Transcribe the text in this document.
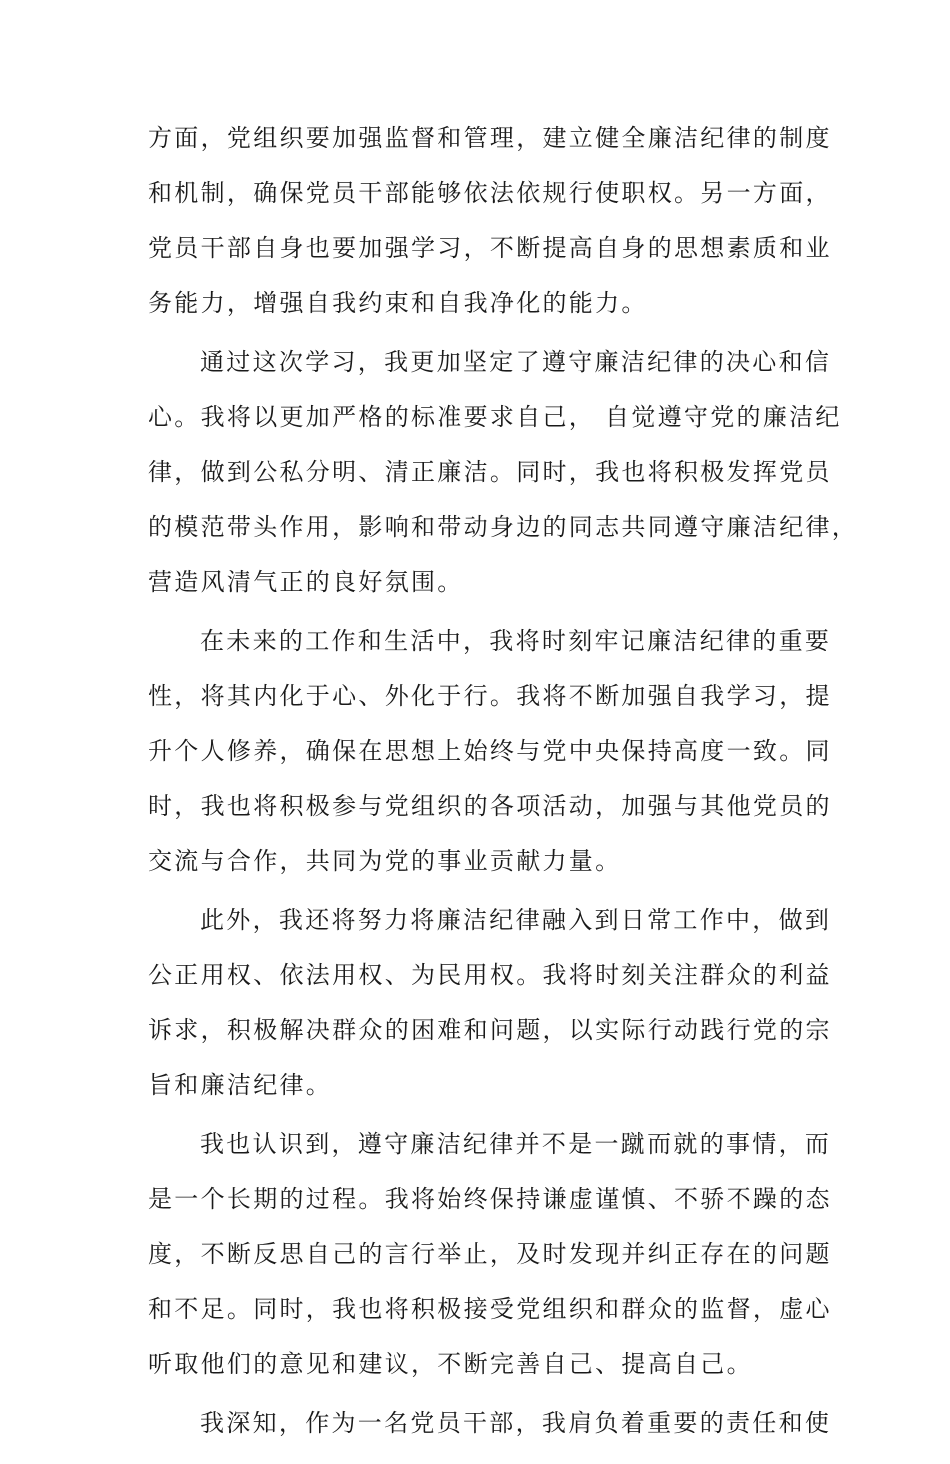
方面，党组织要加强监督和管理，建立健全廉洁纪律的制度
和机制，确保党员干部能够依法依规行使职权。另一方面，
党员干部自身也要加强学习，不断提高自身的思想素质和业
务能力，增强自我约束和自我净化的能力。
通过这次学习，我更加坚定了遵守廉洁纪律的决心和信
心。我将以更加严格的标准要求自己， 自觉遵守党的廉洁纪
律，做到公私分明、清正廉洁。同时，我也将积极发挥党员
的模范带头作用，影响和带动身边的同志共同遵守廉洁纪律，
营造风清气正的良好氛围。
在未来的工作和生活中，我将时刻牢记廉洁纪律的重要
性，将其内化于心、外化于行。我将不断加强自我学习，提
升个人修养，确保在思想上始终与党中央保持高度一致。同
时，我也将积极参与党组织的各项活动，加强与其他党员的
交流与合作，共同为党的事业贡献力量。
此外，我还将努力将廉洁纪律融入到日常工作中，做到
公正用权、依法用权、为民用权。我将时刻关注群众的利益
诉求，积极解决群众的困难和问题，以实际行动践行党的宗
旨和廉洁纪律。
我也认识到，遵守廉洁纪律并不是一蹴而就的事情，而
是一个长期的过程。我将始终保持谦虚谨慎、不骄不躁的态
度，不断反思自己的言行举止，及时发现并纠正存在的问题
和不足。同时，我也将积极接受党组织和群众的监督，虚心
听取他们的意见和建议，不断完善自己、提高自己。
我深知，作为一名党员干部，我肩负着重要的责任和使
